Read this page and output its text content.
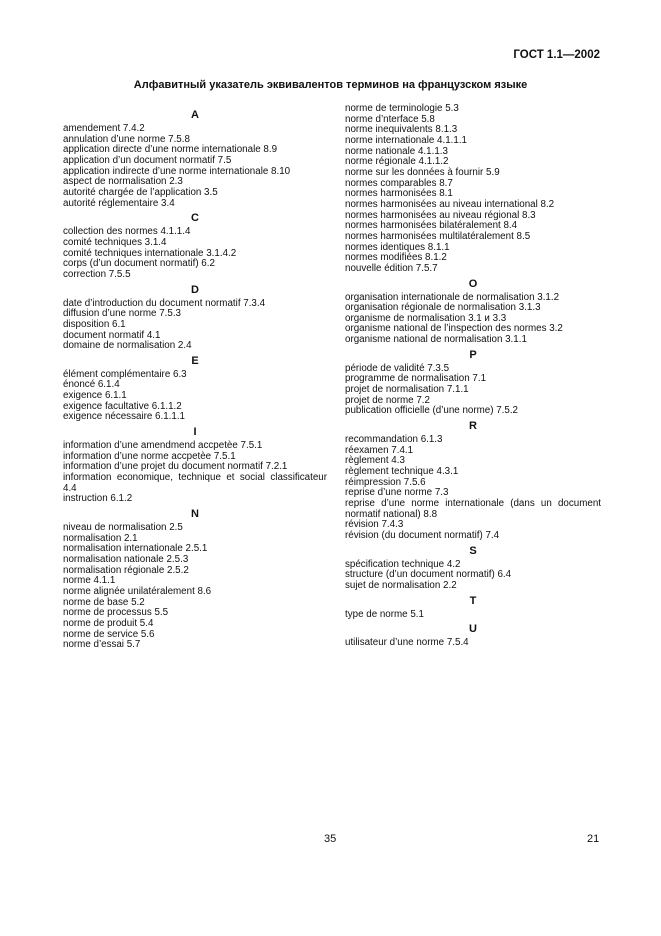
ГОСТ 1.1—2002
Алфавитный указатель эквивалентов терминов на французском языке
A
amendement 7.4.2
annulation d’une norme 7.5.8
application directe d’une norme internationale 8.9
application d’un document normatif 7.5
application indirecte d’une norme internationale 8.10
aspect de normalisation 2.3
autorité chargée de l’application 3.5
autorité réglementaire 3.4
C
collection des normes 4.1.1.4
comité techniques 3.1.4
comité techniques internationale 3.1.4.2
corps (d’un document normatif) 6.2
correction 7.5.5
D
date d’introduction du document normatif 7.3.4
diffusion d’une norme 7.5.3
disposition 6.1
document normatif 4.1
domaine de normalisation 2.4
E
élément complémentaire 6.3
énoncé 6.1.4
exigence 6.1.1
exigence facultative 6.1.1.2
exigence nécessaire 6.1.1.1
I
information d’une amendmend accpetèe 7.5.1
information d’une norme accpetèe 7.5.1
information d’une projet du document normatif 7.2.1
information economique, technique et social classificateur 4.4
instruction 6.1.2
N
niveau de normalisation 2.5
normalisation 2.1
normalisation internationale 2.5.1
normalisation nationale 2.5.3
normalisation régionale 2.5.2
norme 4.1.1
norme alignée unilatéralement 8.6
norme de base 5.2
norme de processus 5.5
norme de produit 5.4
norme de service 5.6
norme d’essai 5.7
norme de terminologie 5.3
norme d’nterface 5.8
norme inequivalents 8.1.3
norme internationale 4.1.1.1
norme nationale 4.1.1.3
norme régionale 4.1.1.2
norme sur les données à fournir 5.9
normes comparables 8.7
normes harmonisées 8.1
normes harmonisées au niveau international 8.2
normes harmonisées au niveau régional 8.3
normes harmonisées bilatéralement 8.4
normes harmonisées multilatéralement 8.5
normes identiques 8.1.1
normes modifiées 8.1.2
nouvelle édition 7.5.7
O
organisation internationale de normalisation 3.1.2
organisation régionale de normalisation 3.1.3
organisme de normalisation 3.1 и 3.3
organisme national de l’inspection des normes 3.2
organisme national de normalisation 3.1.1
P
période de validité 7.3.5
programme de normalisation 7.1
projet de normalisation 7.1.1
projet de norme 7.2
publication officielle (d’une norme) 7.5.2
R
recommandation 6.1.3
réexamen 7.4.1
règlement 4.3
règlement technique 4.3.1
réimpression 7.5.6
reprise d’une norme 7.3
reprise d’une norme internationale (dans un document normatif national) 8.8
révision 7.4.3
révision (du document normatif) 7.4
S
spécification technique 4.2
structure (d’un document normatif) 6.4
sujet de normalisation 2.2
T
type de norme 5.1
U
utilisateur d’une norme 7.5.4
35	21
